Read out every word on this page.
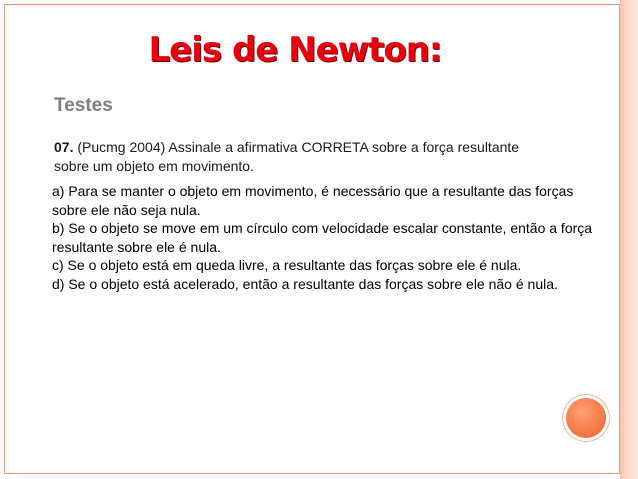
Leis de Newton:
Testes
07. (Pucmg 2004) Assinale a afirmativa CORRETA sobre a força resultante sobre um objeto em movimento.
a) Para se manter o objeto em movimento, é necessário que a resultante das forças sobre ele não seja nula.
b) Se o objeto se move em um círculo com velocidade escalar constante, então a força resultante sobre ele é nula.
c) Se o objeto está em queda livre, a resultante das forças sobre ele é nula.
d) Se o objeto está acelerado, então a resultante das forças sobre ele não é nula.
